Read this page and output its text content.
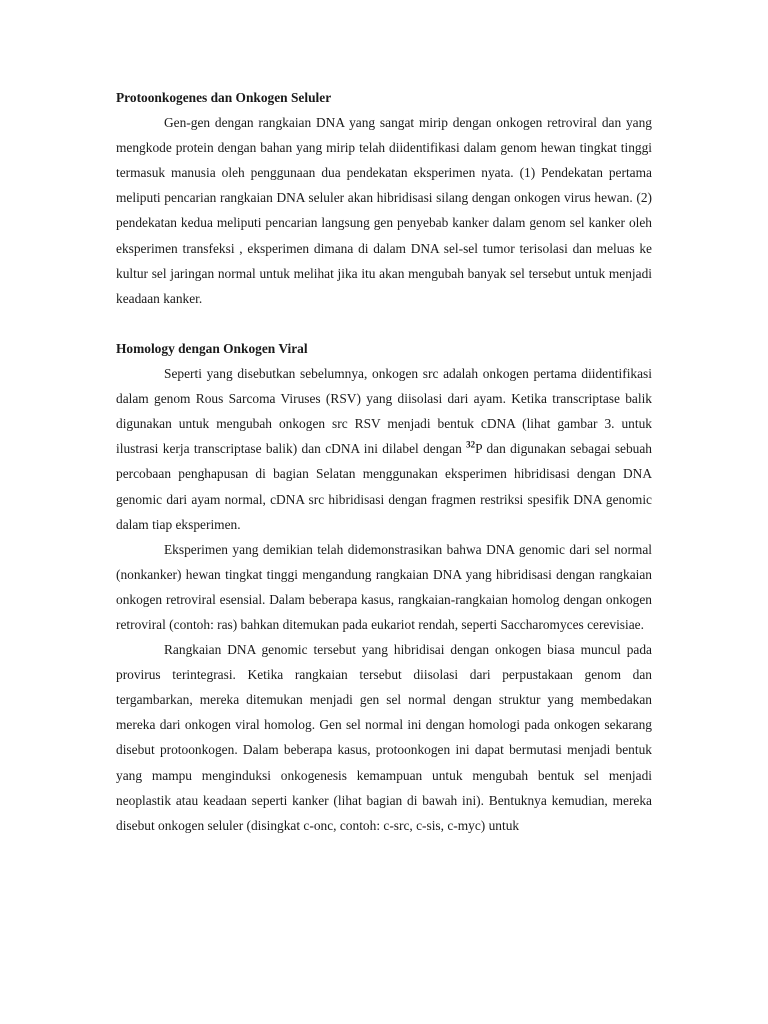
Protoonkogenes dan Onkogen Seluler

Gen-gen dengan rangkaian DNA yang sangat mirip dengan onkogen retroviral dan yang mengkode protein dengan bahan yang mirip telah diidentifikasi dalam genom hewan tingkat tinggi termasuk manusia oleh penggunaan dua pendekatan eksperimen nyata. (1) Pendekatan pertama meliputi pencarian rangkaian DNA seluler akan hibridisasi silang dengan onkogen virus hewan. (2) pendekatan kedua meliputi pencarian langsung gen penyebab kanker dalam genom sel kanker oleh eksperimen transfeksi , eksperimen dimana di dalam DNA sel-sel tumor terisolasi dan meluas ke kultur sel jaringan normal untuk melihat jika itu akan mengubah banyak sel tersebut untuk menjadi keadaan kanker.

Homology dengan Onkogen Viral

Seperti yang disebutkan sebelumnya, onkogen src adalah onkogen pertama diidentifikasi dalam genom Rous Sarcoma Viruses (RSV) yang diisolasi dari ayam. Ketika transcriptase balik digunakan untuk mengubah onkogen src RSV menjadi bentuk cDNA (lihat gambar 3. untuk ilustrasi kerja transcriptase balik) dan cDNA ini dilabel dengan $^{32}$P dan digunakan sebagai sebuah percobaan penghapusan di bagian Selatan menggunakan eksperimen hibridisasi dengan DNA genomic dari ayam normal, cDNA src hibridisasi dengan fragmen restriksi spesifik DNA genomic dalam tiap eksperimen.

Eksperimen yang demikian telah didemonstrasikan bahwa DNA genomic dari sel normal (nonkanker) hewan tingkat tinggi mengandung rangkaian DNA yang hibridisasi dengan rangkaian onkogen retroviral esensial. Dalam beberapa kasus, rangkaian-rangkaian homolog dengan onkogen retroviral (contoh: ras) bahkan ditemukan pada eukariot rendah, seperti Saccharomyces cerevisiae.

Rangkaian DNA genomic tersebut yang hibridisai dengan onkogen biasa muncul pada provirus terintegrasi. Ketika rangkaian tersebut diisolasi dari perpustakaan genom dan tergambarkan, mereka ditemukan menjadi gen sel normal dengan struktur yang membedakan mereka dari onkogen viral homolog. Gen sel normal ini dengan homologi pada onkogen sekarang disebut protoonkogen. Dalam beberapa kasus, protoonkogen ini dapat bermutasi menjadi bentuk yang mampu menginduksi onkogenesis kemampuan untuk mengubah bentuk sel menjadi neoplastik atau keadaan seperti kanker (lihat bagian di bawah ini). Bentuknya kemudian, mereka disebut onkogen seluler (disingkat c-onc, contoh: c-src, c-sis, c-myc) untuk
